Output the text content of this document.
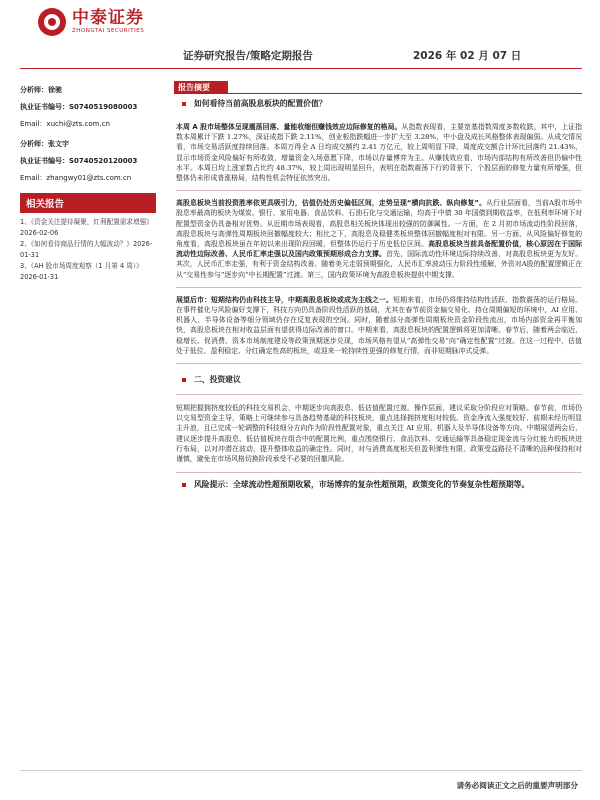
中泰证券
ZHONGTAI SECURITIES
证券研究报告/策略定期报告	2026 年 02 月 07 日
分析师：徐驰
执业证书编号：S0740519080003
Email：xuchi@zts.com.cn
分析师：张文宇
执业证书编号：S0740520120003
Email：zhangwy01@zts.com.cn
相关报告
1、《资金关注提待凝聚，红利配置需求增强》2026-02-06
2、《如何看待商品行情的大幅波动？》2026-01-31
3、《AH 股市场周度观察（1 月第 4 周）》2026-01-31
报告摘要
如何看待当前高股息板块的配置价值？
本周 A 股市场整体呈现震荡回落、量能收缩但赚钱效应边际修复的格局。从指数表现看，主要宽基指数周度多数收跌。其中，上证指数本周累计下跌 1.27%，深证成指下跌 2.11%，创业板指跌幅进一步扩大至 3.28%，中小盘及成长风格整体表现偏弱。从成交情况看，市场交易活跃度持续回落。本周万得全 A 日均成交额约 2.41 万亿元，较上周明显下降，周度成交额合计环比回落约 21.43%，显示市场资金风险偏好有所收敛，增量资金入场意愿下降，市场以存量博弈为主。从赚钱效应看，市场内部结构有所改善但仍偏中性水平。本周日均上涨家数占比约 48.37%，较上周出现明显回升，表明在指数震荡下行的背景下，个股层面的修复力量有所增强，但整体仍未形成普涨格局，结构性机会特征依然突出。
高股息板块当前投资胜率依更具吸引力，估值仍处历史偏低区间，走势呈现“横向抗跌、纵向修复”。从行业层面看，当前A股市场中股息率最高的板块为煤炭、银行、家用电器、食品饮料、石油石化与交通运输，均高于中债 30 年国债到期收益率，在低利率环境下对配置型资金仍具备相对优势。从近期市场表现看，高股息相关板块体现出较强的防御属性。一方面，在 2 月初市场流动性阶段回落，高股息板块与高弹性周期板块回撤幅度较大；相比之下，高股息及稳健类板块整体回撤幅度相对有限。另一方面，从风险偏好修复的角度看，高股息板块虽在年初以来出现阶段回暖，但整体仍运行于历史低位区间。高股息板块当前具备配置价值，核心原因在于国际流动性边际改善、人民币汇率走强以及国内政策预期形成合力支撑。首先，国际流动性环境边际持续改善，对高股息板块更为友好。其次，人民币汇率走强，有利于资金结构改善。随着美元走弱预期强化，人民币汇率波动压力阶段性缓解，外资对A股的配置逻辑正在从“交易性参与”逐步向“中长期配置”过渡。第三，国内政策环境为高股息板块提供中期支撑。
展望后市：短期结构仍由科技主导，中期高股息板块或成为主线之一。短期来看，市场仍将维持结构性活跃、指数震荡的运行格局。在事件催化与风险偏好支撑下，科技方向仍具备阶段性活跃的基础，尤其在春节前资金偏交易化、持仓周期偏短的环境中，AI 应用、机器人、半导体设备等细分领域仍存在反复表现的空间。同时，随着部分高弹性周期板块资金阶段性流出，市场内部资金再平衡加快，高股息板块在相对收益层面有望获得边际改善的窗口。中期来看，高股息板块的配置逻辑将更加清晰。春节后，随着两会临近，稳增长、促消费、资本市场制度建设等政策预期逐步兑现，市场风格有望从“高弹性交易”向“确定性配置”过渡。在这一过程中，估值处于低位、盈利稳定、分红确定性高的板块，或迎来一轮持续性更强的修复行情，而非短期脉冲式反弹。
二、投资建议
短期把握拥挤度较低的科技交易机会，中期逐步向高股息、低估值配置过渡。操作层面，建议采取分阶段应对策略。春节前，市场仍以交易型资金主导，策略上可继续参与具备趋势基础的科技板块，重点选择拥挤度相对较低、资金净流入强度较好、前期未经历明显主升浪，且已完成一轮调整的科技细分方向作为阶段性配置对象，重点关注 AI 应用、机器人及半导体设备等方向。中期展望两会后，建议逐步提升高股息、低估值板块在组合中的配置比例，重点围绕银行、食品饮料、交通运输等具备稳定现金流与分红能力的板块进行布局，以对冲潜在波动，提升整体收益的确定性。同时，对与消费高度相关但盈利弹性有限、政策受益路径不清晰的品种保持相对谨慎，避免在市场风格切换阶段承受不必要的回撤风险。
风险提示：全球流动性超预期收紧，市场博弈的复杂性超预期，政策变化的节奏复杂性超预期等。
请务必阅读正文之后的重要声明部分
